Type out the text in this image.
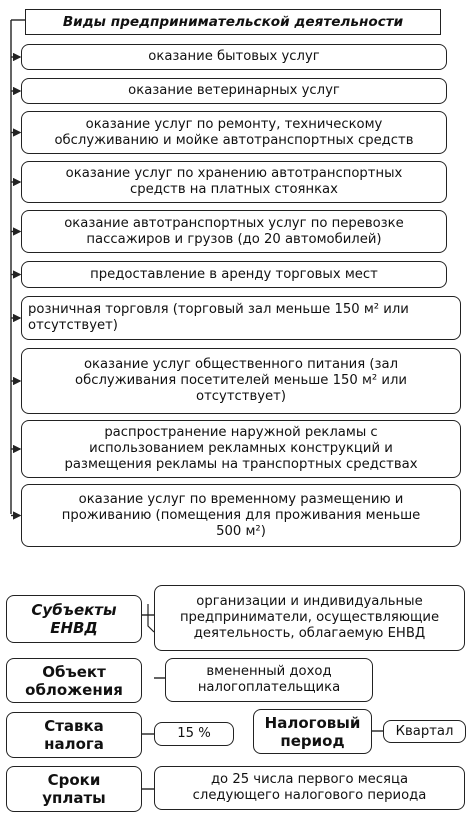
Виды предпринимательской деятельности
оказание бытовых услуг
оказание ветеринарных услуг
оказание услуг по ремонту, техническому
обслуживанию и мойке автотранспортных средств
оказание услуг по хранению автотранспортных
средств на платных стоянках
оказание автотранспортных услуг по перевозке
пассажиров и грузов (до 20 автомобилей)
предоставление в аренду торговых мест
розничная торговля (торговый зал меньше 150 м² или
отсутствует)
оказание услуг общественного питания (зал
обслуживания посетителей меньше 150 м² или
отсутствует)
распространение наружной рекламы с
использованием рекламных конструкций и
размещения рекламы на транспортных средствах
оказание услуг по временному размещению и
проживанию (помещения для проживания меньше
500 м²)
Субъекты
ЕНВД
организации и индивидуальные
предприниматели, осуществляющие
деятельность, облагаемую ЕНВД
Объект
обложения
вмененный доход
налогоплательщика
Ставка
налога
15 %
Налоговый
период
Квартал
Сроки
уплаты
до 25 числа первого месяца
следующего налогового периода
